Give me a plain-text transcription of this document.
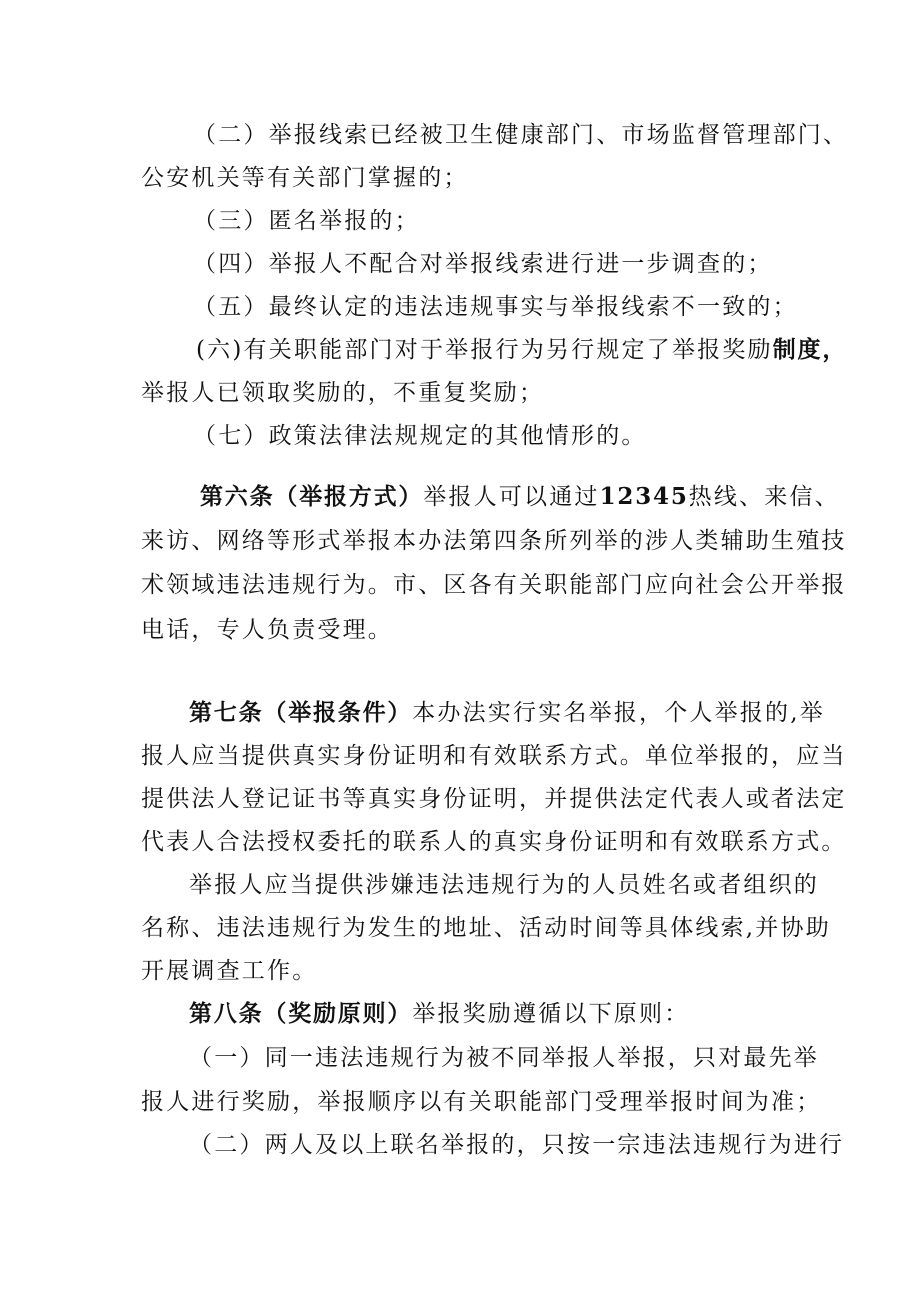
（二）举报线索已经被卫生健康部门、市场监督管理部门、
公安机关等有关部门掌握的；
（三）匿名举报的；
（四）举报人不配合对举报线索进行进一步调查的；
（五）最终认定的违法违规事实与举报线索不一致的；
(六)有关职能部门对于举报行为另行规定了举报奖励制度，
举报人已领取奖励的，不重复奖励；
（七）政策法律法规规定的其他情形的。
第六条（举报方式）举报人可以通过12345热线、来信、
来访、网络等形式举报本办法第四条所列举的涉人类辅助生殖技
术领域违法违规行为。市、区各有关职能部门应向社会公开举报
电话，专人负责受理。
第七条（举报条件）本办法实行实名举报，个人举报的,举
报人应当提供真实身份证明和有效联系方式。单位举报的，应当
提供法人登记证书等真实身份证明，并提供法定代表人或者法定
代表人合法授权委托的联系人的真实身份证明和有效联系方式。
举报人应当提供涉嫌违法违规行为的人员姓名或者组织的
名称、违法违规行为发生的地址、活动时间等具体线索,并协助
开展调查工作。
第八条（奖励原则）举报奖励遵循以下原则：
（一）同一违法违规行为被不同举报人举报，只对最先举
报人进行奖励，举报顺序以有关职能部门受理举报时间为准；
（二）两人及以上联名举报的，只按一宗违法违规行为进行
